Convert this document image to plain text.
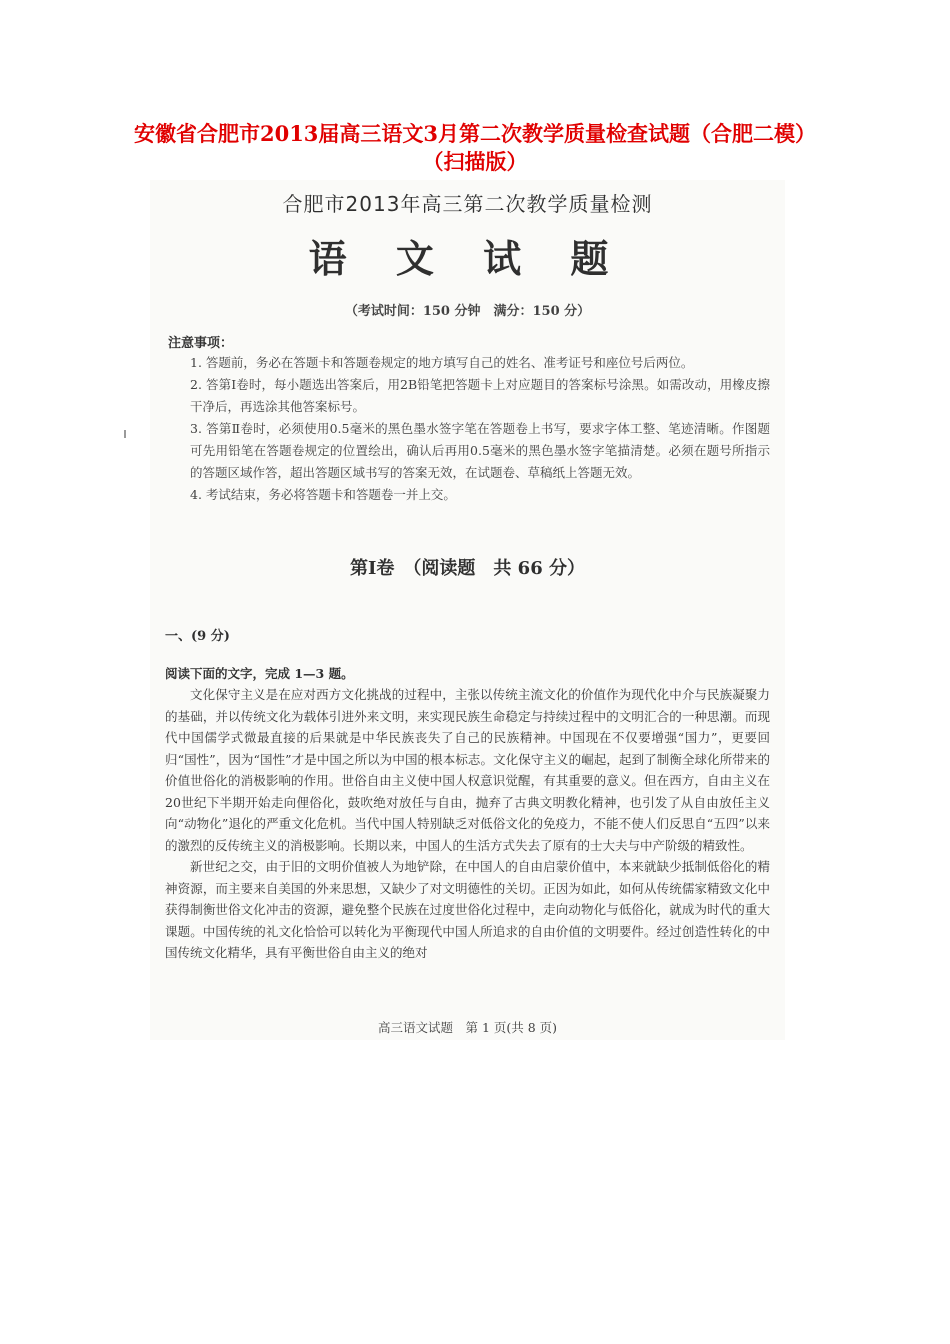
安徽省合肥市2013届高三语文3月第二次教学质量检查试题（合肥二模）（扫描版）
合肥市2013年高三第二次教学质量检测
语 文 试 题
（考试时间：150 分钟　满分：150 分）
注意事项：
1. 答题前，务必在答题卡和答题卷规定的地方填写自己的姓名、准考证号和座位号后两位。
2. 答第Ⅰ卷时，每小题选出答案后，用2B铅笔把答题卡上对应题目的答案标号涂黑。如需改动，用橡皮擦干净后，再选涂其他答案标号。
3. 答第Ⅱ卷时，必须使用0.5毫米的黑色墨水签字笔在答题卷上书写，要求字体工整、笔迹清晰。作图题可先用铅笔在答题卷规定的位置绘出，确认后再用0.5毫米的黑色墨水签字笔描清楚。必须在题号所指示的答题区域作答，超出答题区域书写的答案无效，在试题卷、草稿纸上答题无效。
4. 考试结束，务必将答题卡和答题卷一并上交。
第Ⅰ卷　（阅读题　共 66 分）
一、(9 分)
阅读下面的文字，完成 1—3 题。

文化保守主义是在应对西方文化挑战的过程中，主张以传统主流文化的价值作为现代化中介与民族凝聚力的基础，并以传统文化为载体引进外来文明，来实现民族生命稳定与持续过程中的文明汇合的一种思潮。而现代中国儒学式微最直接的后果就是中华民族丧失了自己的民族精神。中国现在不仅要增强“国力”，更要回归“国性”，因为“国性”才是中国之所以为中国的根本标志。文化保守主义的崛起，起到了制衡全球化所带来的价值世俗化的消极影响的作用。世俗自由主义使中国人权意识觉醒，有其重要的意义。但在西方，自由主义在20世纪下半期开始走向俚俗化，鼓吹绝对放任与自由，抛弃了古典文明教化精神，也引发了从自由放任主义向“动物化”退化的严重文化危机。当代中国人特别缺乏对低俗文化的免疫力，不能不使人们反思自“五四”以来的激烈的反传统主义的消极影响。长期以来，中国人的生活方式失去了原有的士大夫与中产阶级的精致性。

新世纪之交，由于旧的文明价值被人为地铲除，在中国人的自由启蒙价值中，本来就缺少抵制低俗化的精神资源，而主要来自美国的外来思想，又缺少了对文明德性的关切。正因为如此，如何从传统儒家精致文化中获得制衡世俗文化冲击的资源，避免整个民族在过度世俗化过程中，走向动物化与低俗化，就成为时代的重大课题。中国传统的礼文化恰恰可以转化为平衡现代中国人所追求的自由价值的文明要件。经过创造性转化的中国传统文化精华，具有平衡世俗自由主义的绝对

高三语文试题　第 1 页(共 8 页)
